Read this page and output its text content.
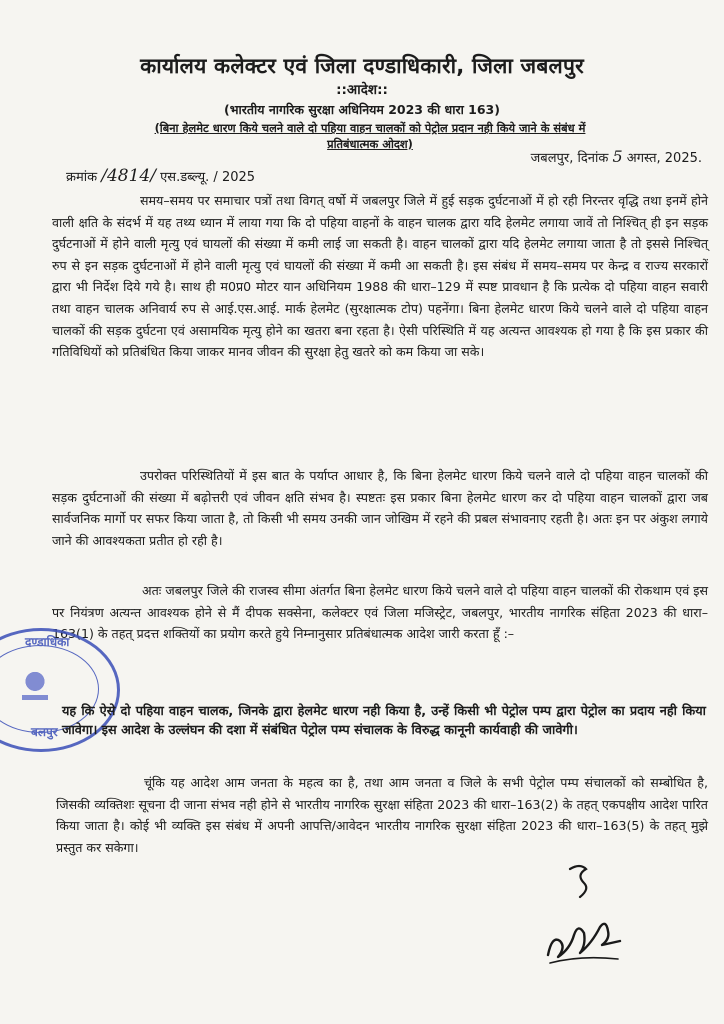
कार्यालय कलेक्टर एवं जिला दण्डाधिकारी, जिला जबलपुर
::आदेश::
(भारतीय नागरिक सुरक्षा अधिनियम 2023 की धारा 163)
(बिना हेलमेट धारण किये चलने वाले दो पहिया वाहन चालकों को पेट्रोल प्रदान नही किये जाने के संबंध में
प्रतिबंधात्मक ओदश)
जबलपुर, दिनांक 5 अगस्त, 2025.
क्रमांक /4814/ एस.डब्ल्यू. / 2025

समय–समय पर समाचार पत्रों तथा विगत् वर्षो में जबलपुर जिले में हुई सड़क दुर्घटनाओं में हो रही निरन्तर वृद्धि तथा इनमें होने वाली क्षति के संदर्भ में यह तथ्य ध्यान में लाया गया कि दो पहिया वाहनों के वाहन चालक द्वारा यदि हेलमेट लगाया जावें तो निश्चित् ही इन सड़क दुर्घटनाओं में होने वाली मृत्यु एवं घायलों की संख्या में कमी लाई जा सकती है। वाहन चालकों द्वारा यदि हेलमेट लगाया जाता है तो इससे निश्चित् रुप से इन सड़क दुर्घटनाओं में होने वाली मृत्यु एवं घायलों की संख्या में कमी आ सकती है। इस संबंध में समय–समय पर केन्द्र व राज्य सरकारों द्वारा भी निर्देश दिये गये है। साथ ही म0प्र0 मोटर यान अधिनियम 1988 की धारा–129 में स्पष्ट प्रावधान है कि प्रत्येक दो पहिया वाहन सवारी तथा वाहन चालक अनिवार्य रुप से आई.एस.आई. मार्क हेलमेट (सुरक्षात्मक टोप) पहनेंगा। बिना हेलमेट धारण किये चलने वाले दो पहिया वाहन चालकों की सड़क दुर्घटना एवं असामयिक मृत्यु होने का खतरा बना रहता है। ऐसी परिस्थिति में यह अत्यन्त आवश्यक हो गया है कि इस प्रकार की गतिविधियों को प्रतिबंधित किया जाकर मानव जीवन की सुरक्षा हेतु खतरे को कम किया जा सके।

उपरोक्त परिस्थितियों में इस बात के पर्याप्त आधार है, कि बिना हेलमेट धारण किये चलने वाले दो पहिया वाहन चालकों की सड़क दुर्घटनाओं की संख्या में बढ़ोत्तरी एवं जीवन क्षति संभव है। स्पष्टतः इस प्रकार बिना हेलमेट धारण कर दो पहिया वाहन चालकों द्वारा जब सार्वजनिक मार्गो पर सफर किया जाता है, तो किसी भी समय उनकी जान जोखिम में रहने की प्रबल संभावनाए रहती है। अतः इन पर अंकुश लगाये जाने की आवश्यकता प्रतीत हो रही है।

अतः जबलपुर जिले की राजस्व सीमा अंतर्गत बिना हेलमेट धारण किये चलने वाले दो पहिया वाहन चालकों की रोकथाम एवं इस पर नियंत्रण अत्यन्त आवश्यक होने से मैं दीपक सक्सेना, कलेक्टर एवं जिला मजिस्ट्रेट, जबलपुर, भारतीय नागरिक संहिता 2023 की धारा–163(1) के तहत् प्रदत्त शक्तियों का प्रयोग करते हुये निम्नानुसार प्रतिबंधात्मक आदेश जारी करता हूँ :–

दण्डाधिका
बलपुर

यह कि ऐसे दो पहिया वाहन चालक, जिनके द्वारा हेलमेट धारण नही किया है, उन्हें किसी भी पेट्रोल पम्प द्वारा पेट्रोल का प्रदाय नही किया जावेगा। इस आदेश के उल्लंघन की दशा में संबंधित पेट्रोल पम्प संचालक के विरुद्ध कानूनी कार्यवाही की जावेगी।

चूंकि यह आदेश आम जनता के महत्व का है, तथा आम जनता व जिले के सभी पेट्रोल पम्प संचालकों को सम्बोधित है, जिसकी व्यक्तिशः सूचना दी जाना संभव नही होने से भारतीय नागरिक सुरक्षा संहिता 2023 की धारा–163(2) के तहत् एकपक्षीय आदेश पारित किया जाता है। कोई भी व्यक्ति इस संबंध में अपनी आपत्ति/आवेदन भारतीय नागरिक सुरक्षा संहिता 2023 की धारा–163(5) के तहत् मुझे प्रस्तुत कर सकेगा।
